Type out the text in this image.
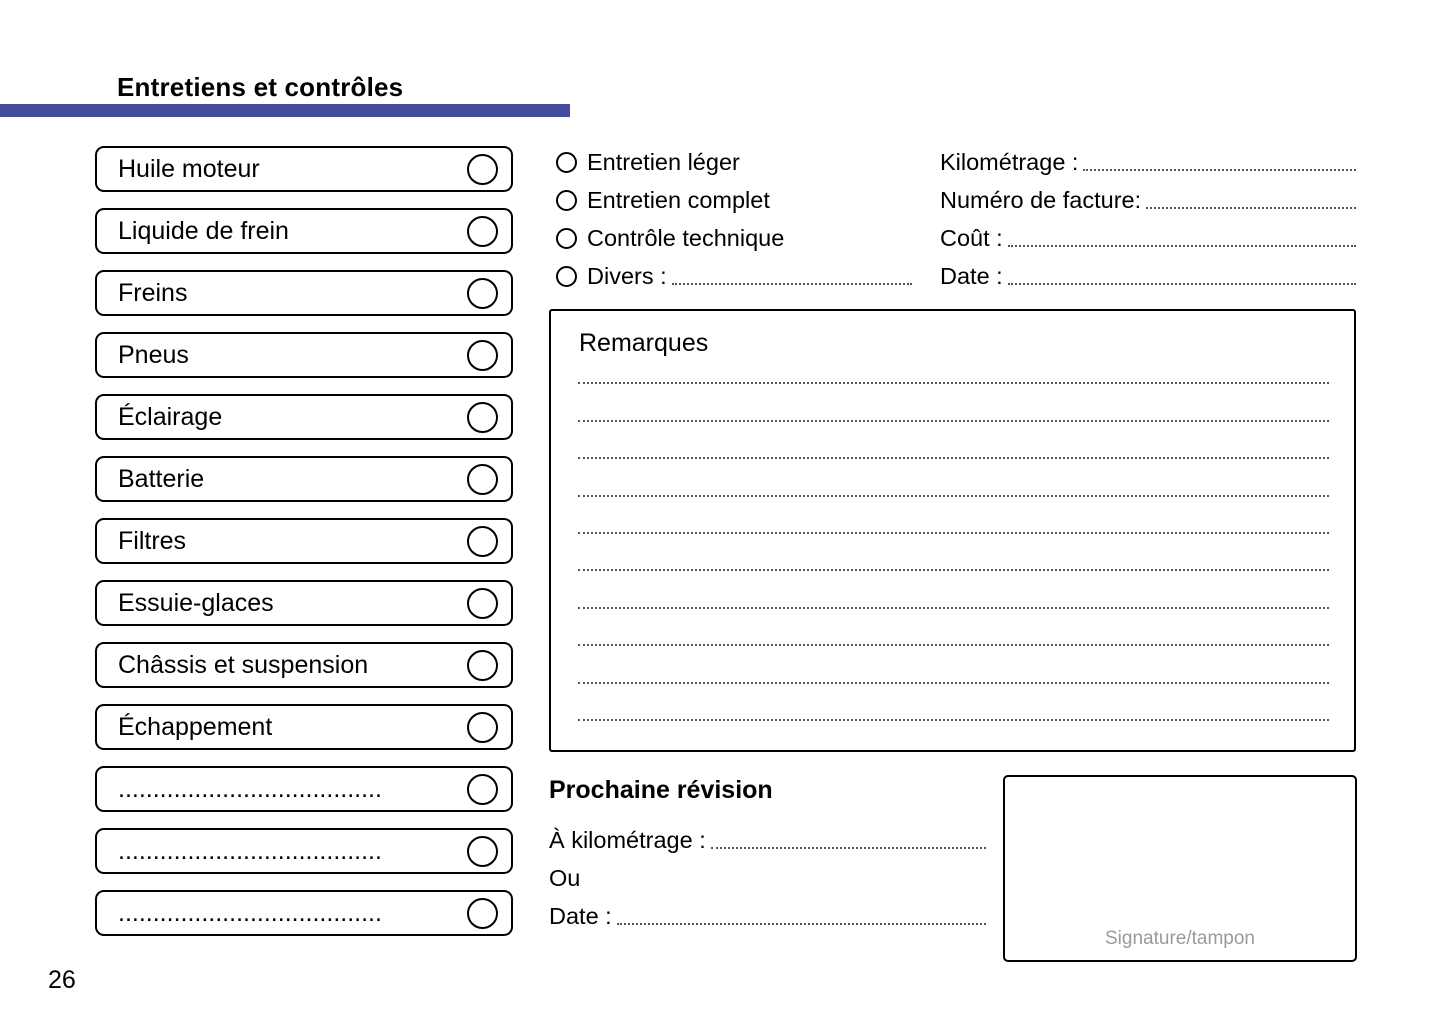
Entretiens et contrôles
Huile moteur
Liquide de frein
Freins
Pneus
Éclairage
Batterie
Filtres
Essuie-glaces
Châssis et suspension
Échappement
......................................
......................................
......................................
Entretien léger
Entretien complet
Contrôle technique
Divers :
Kilométrage :
Numéro de facture:
Coût :
Date :
Remarques
Prochaine révision
À kilométrage :
Ou
Date :
Signature/tampon
26
